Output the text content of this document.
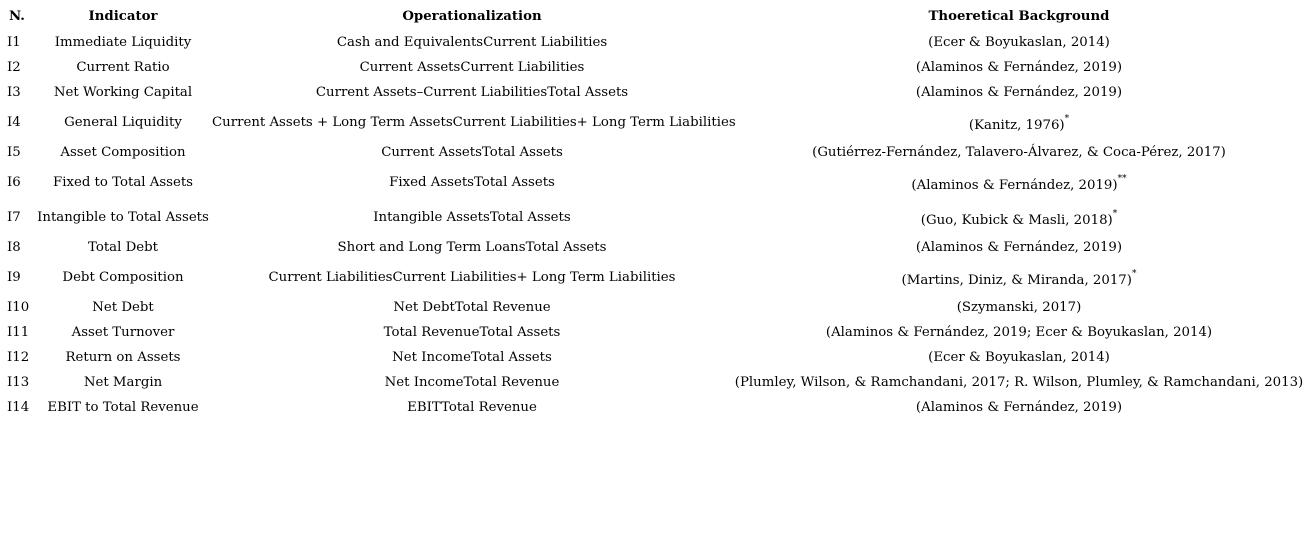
N.	Indicator	Operationalization	Thoeretical Background
I1	Immediate Liquidity	Cash and EquivalentsCurrent Liabilities	(Ecer & Boyukaslan, 2014)
I2	Current Ratio	Current AssetsCurrent Liabilities	(Alaminos & Fernández, 2019)
I3	Net Working Capital	Current Assets–Current LiabilitiesTotal Assets	(Alaminos & Fernández, 2019)
I4	General Liquidity	Current Assets + Long Term AssetsCurrent Liabilities+ Long Term Liabilities	(Kanitz, 1976)*
I5	Asset Composition	Current AssetsTotal Assets	(Gutiérrez-Fernández, Talavero-Álvarez, & Coca-Pérez, 2017)
I6	Fixed to Total Assets	Fixed AssetsTotal Assets	(Alaminos & Fernández, 2019)**
I7	Intangible to Total Assets	Intangible AssetsTotal Assets	(Guo, Kubick & Masli, 2018)*
I8	Total Debt	Short and Long Term LoansTotal Assets	(Alaminos & Fernández, 2019)
I9	Debt Composition	Current LiabilitiesCurrent Liabilities+ Long Term Liabilities	(Martins, Diniz, & Miranda, 2017)*
I10	Net Debt	Net DebtTotal Revenue	(Szymanski, 2017)
I11	Asset Turnover	Total RevenueTotal Assets	(Alaminos & Fernández, 2019; Ecer & Boyukaslan, 2014)
I12	Return on Assets	Net IncomeTotal Assets	(Ecer & Boyukaslan, 2014)
I13	Net Margin	Net IncomeTotal Revenue	(Plumley, Wilson, & Ramchandani, 2017; R. Wilson, Plumley, & Ramchandani, 2013)
I14	EBIT to Total Revenue	EBITTotal Revenue	(Alaminos & Fernández, 2019)
